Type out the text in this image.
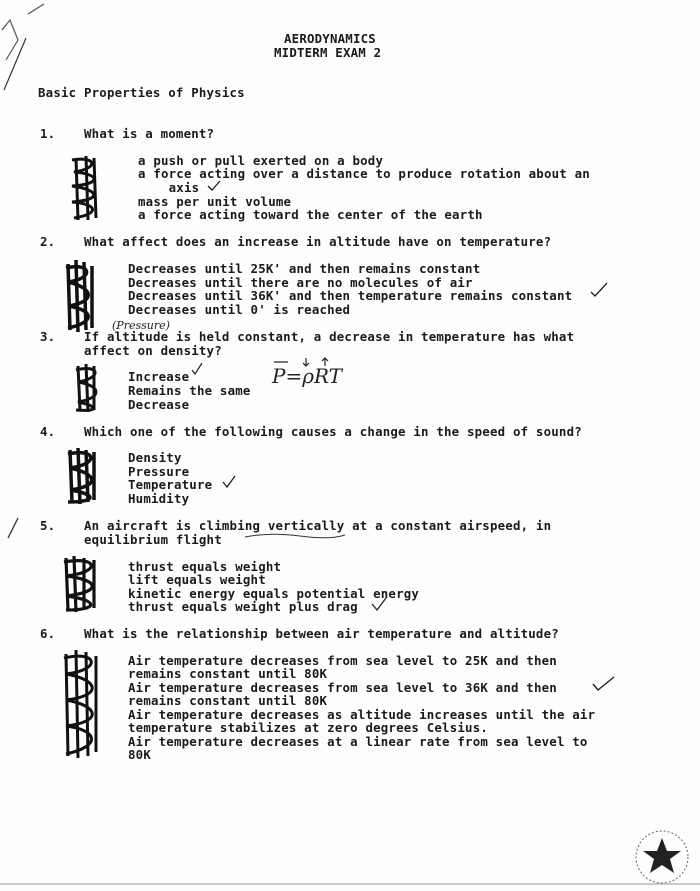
AERODYNAMICS
MIDTERM EXAM 2
Basic Properties of Physics
1. What is a moment?
a push or pull exerted on a body
a force acting over a distance to produce rotation about an
axis
mass per unit volume
a force acting toward the center of the earth
2. What affect does an increase in altitude have on temperature?
Decreases until 25K' and then remains constant
Decreases until there are no molecules of air
Decreases until 36K' and then temperature remains constant
Decreases until 0' is reached
3. If altitude is held constant, a decrease in temperature has what
affect on density?
Increase
Remains the same
Decrease
4. Which one of the following causes a change in the speed of sound?
Density
Pressure
Temperature
Humidity
5. An aircraft is climbing vertically at a constant airspeed, in
equilibrium flight
thrust equals weight
lift equals weight
kinetic energy equals potential energy
thrust equals weight plus drag
6. What is the relationship between air temperature and altitude?
Air temperature decreases from sea level to 25K and then
remains constant until 80K
Air temperature decreases from sea level to 36K and then
remains constant until 80K
Air temperature decreases as altitude increases until the air
temperature stabilizes at zero degrees Celsius.
Air temperature decreases at a linear rate from sea level to
80K
(Pressure)
P=ρRT
